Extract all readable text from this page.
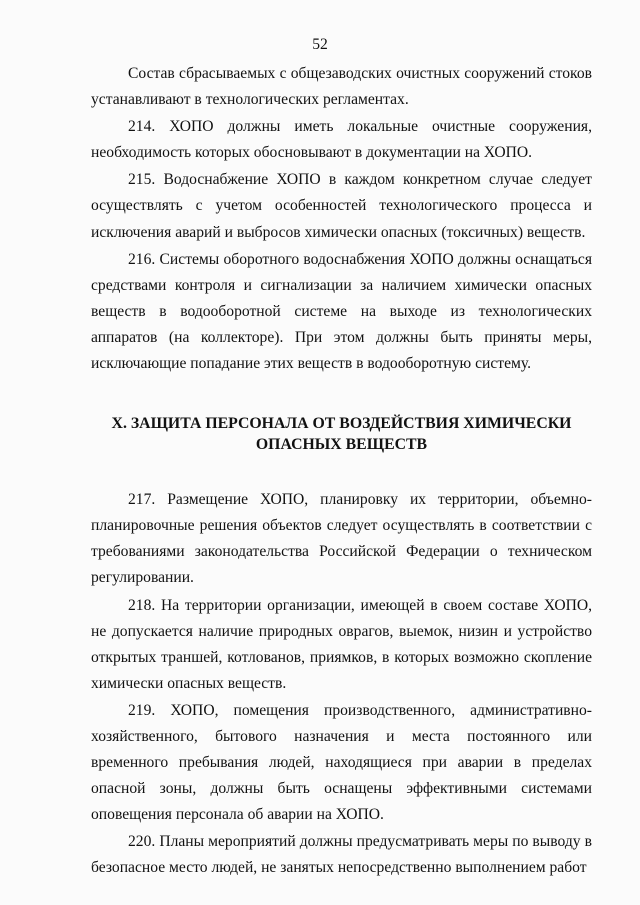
52

Состав сбрасываемых с общезаводских очистных сооружений стоков устанавливают в технологических регламентах.

214. ХОПО должны иметь локальные очистные сооружения, необходимость которых обосновывают в документации на ХОПО.

215. Водоснабжение ХОПО в каждом конкретном случае следует осуществлять с учетом особенностей технологического процесса и исключения аварий и выбросов химически опасных (токсичных) веществ.

216. Системы оборотного водоснабжения ХОПО должны оснащаться средствами контроля и сигнализации за наличием химически опасных веществ в водооборотной системе на выходе из технологических аппаратов (на коллекторе). При этом должны быть приняты меры, исключающие попадание этих веществ в водооборотную систему.

X. ЗАЩИТА ПЕРСОНАЛА ОТ ВОЗДЕЙСТВИЯ ХИМИЧЕСКИ
ОПАСНЫХ ВЕЩЕСТВ

217. Размещение ХОПО, планировку их территории, объемно-планировочные решения объектов следует осуществлять в соответствии с требованиями законодательства Российской Федерации о техническом регулировании.

218. На территории организации, имеющей в своем составе ХОПО, не допускается наличие природных оврагов, выемок, низин и устройство открытых траншей, котлованов, приямков, в которых возможно скопление химически опасных веществ.

219. ХОПО, помещения производственного, административно-хозяйственного, бытового назначения и места постоянного или временного пребывания людей, находящиеся при аварии в пределах опасной зоны, должны быть оснащены эффективными системами оповещения персонала об аварии на ХОПО.

220. Планы мероприятий должны предусматривать меры по выводу в безопасное место людей, не занятых непосредственно выполнением работ
